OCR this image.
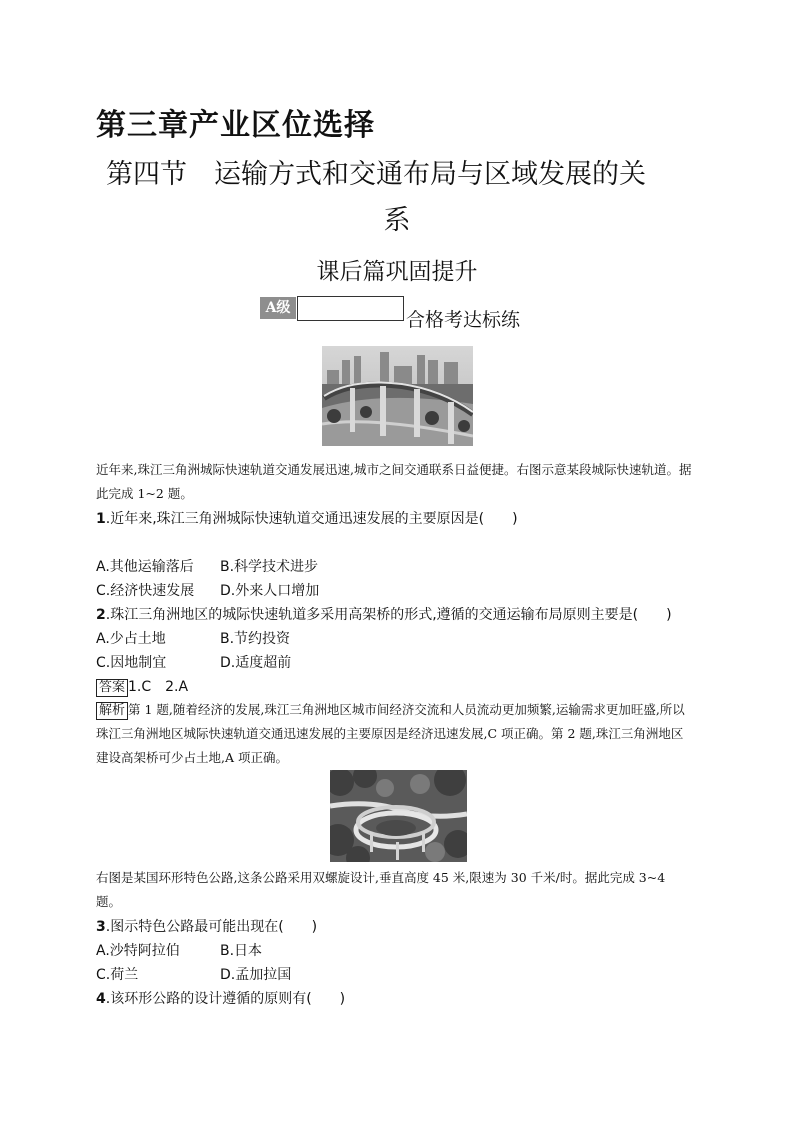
第三章产业区位选择
第四节　运输方式和交通布局与区域发展的关
系
课后篇巩固提升
A级
合格考达标练
近年来,珠江三角洲城际快速轨道交通发展迅速,城市之间交通联系日益便捷。右图示意某段城际快速轨道。据此完成 1~2 题。
1.近年来,珠江三角洲城际快速轨道交通迅速发展的主要原因是(　　)
A.其他运输落后 B.科学技术进步
C.经济快速发展 D.外来人口增加
2.珠江三角洲地区的城际快速轨道多采用高架桥的形式,遵循的交通运输布局原则主要是(　　)
A.少占土地	B.节约投资
C.因地制宜	D.适度超前
答案 1.C　2.A
解析 第 1 题,随着经济的发展,珠江三角洲地区城市间经济交流和人员流动更加频繁,运输需求更加旺盛,所以珠江三角洲地区城际快速轨道交通迅速发展的主要原因是经济迅速发展,C 项正确。第 2 题,珠江三角洲地区建设高架桥可少占土地,A 项正确。
右图是某国环形特色公路,这条公路采用双螺旋设计,垂直高度 45 米,限速为 30 千米/时。据此完成 3~4 题。
3.图示特色公路最可能出现在(　　)
A.沙特阿拉伯	B.日本
C.荷兰	D.孟加拉国
4.该环形公路的设计遵循的原则有(　　)
